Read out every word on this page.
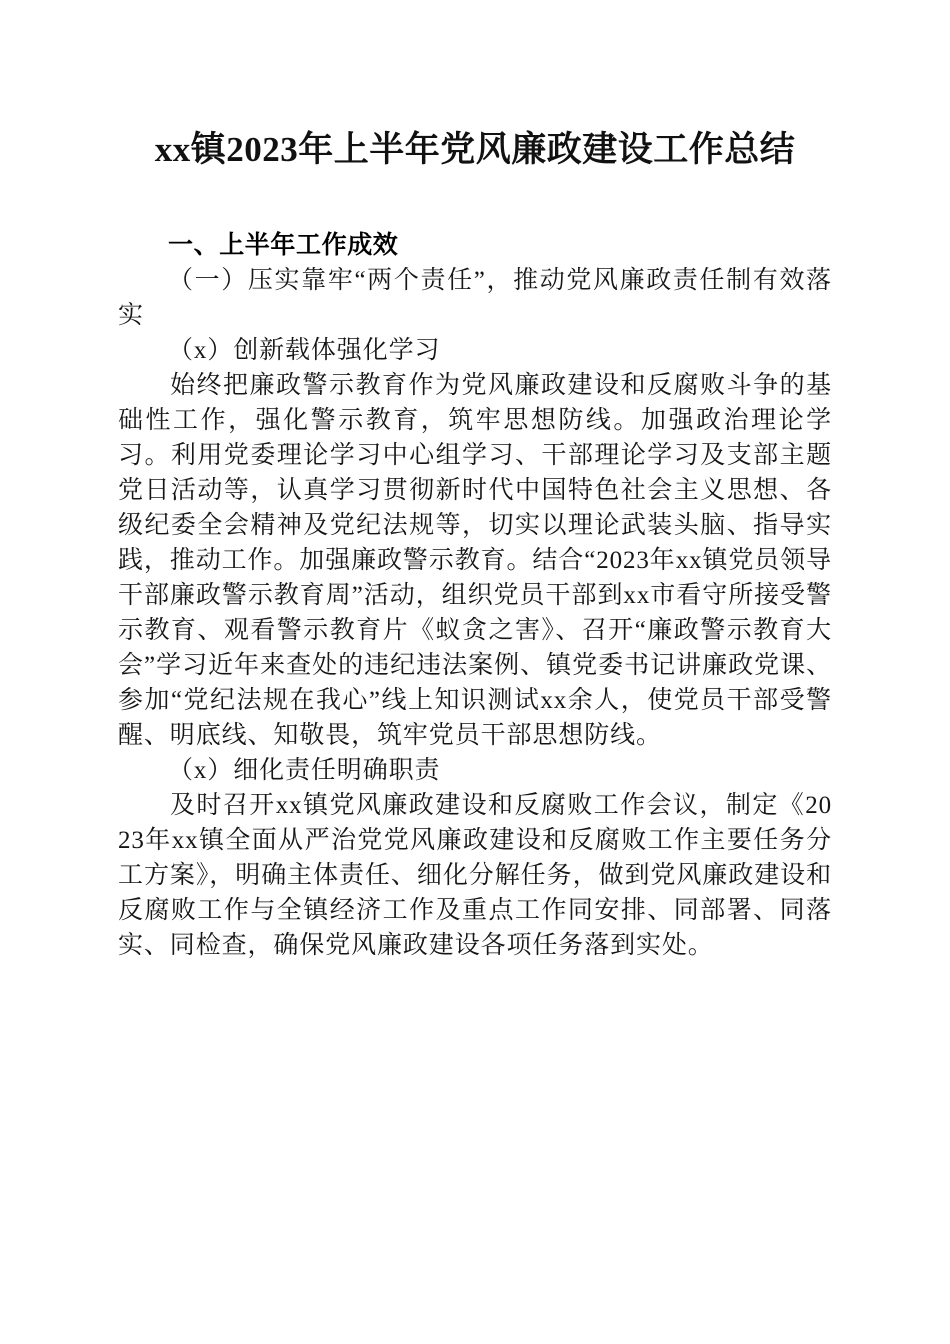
xx镇2023年上半年党风廉政建设工作总结
一、上半年工作成效

（一）压实靠牢“两个责任”，推动党风廉政责任制有效落实

（x）创新载体强化学习

始终把廉政警示教育作为党风廉政建设和反腐败斗争的基础性工作，强化警示教育，筑牢思想防线。加强政治理论学习。利用党委理论学习中心组学习、干部理论学习及支部主题党日活动等，认真学习贯彻新时代中国特色社会主义思想、各级纪委全会精神及党纪法规等，切实以理论武装头脑、指导实践，推动工作。加强廉政警示教育。结合“2023年xx镇党员领导干部廉政警示教育周”活动，组织党员干部到xx市看守所接受警示教育、观看警示教育片《蚁贪之害》、召开“廉政警示教育大会”学习近年来查处的违纪违法案例、镇党委书记讲廉政党课、参加“党纪法规在我心”线上知识测试xx余人，使党员干部受警醒、明底线、知敬畏，筑牢党员干部思想防线。

（x）细化责任明确职责

及时召开xx镇党风廉政建设和反腐败工作会议，制定《2023年xx镇全面从严治党党风廉政建设和反腐败工作主要任务分工方案》，明确主体责任、细化分解任务，做到党风廉政建设和反腐败工作与全镇经济工作及重点工作同安排、同部署、同落实、同检查，确保党风廉政建设各项任务落到实处。
